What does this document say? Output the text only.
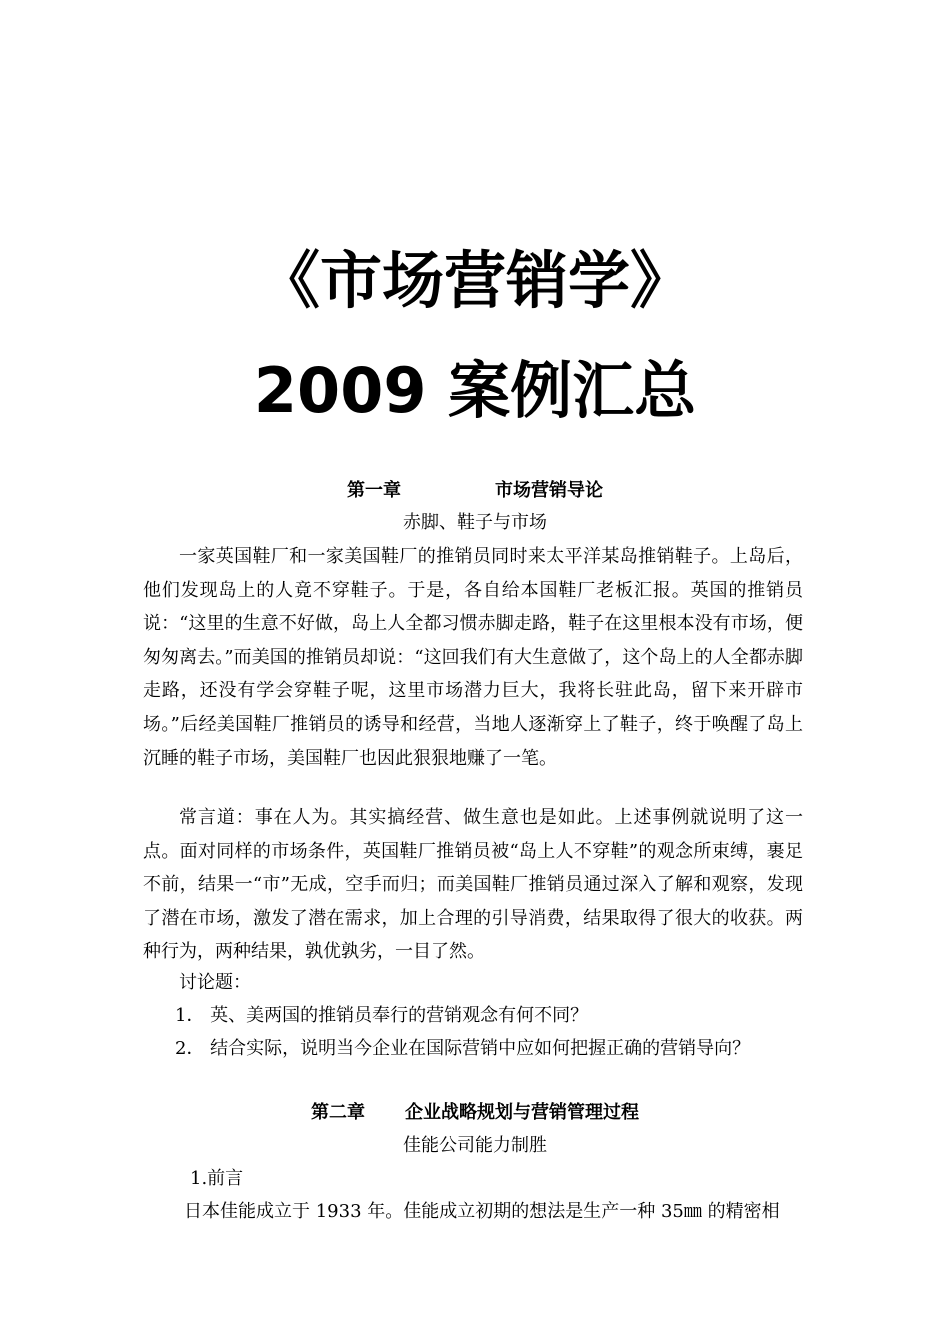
《市场营销学》
2009 案例汇总
第一章	市场营销导论
赤脚、鞋子与市场

一家英国鞋厂和一家美国鞋厂的推销员同时来太平洋某岛推销鞋子。上岛后，他们发现岛上的人竟不穿鞋子。于是，各自给本国鞋厂老板汇报。英国的推销员说：“这里的生意不好做，岛上人全都习惯赤脚走路，鞋子在这里根本没有市场，便匆匆离去。”而美国的推销员却说：“这回我们有大生意做了，这个岛上的人全都赤脚走路，还没有学会穿鞋子呢，这里市场潜力巨大，我将长驻此岛，留下来开辟市场。”后经美国鞋厂推销员的诱导和经营，当地人逐渐穿上了鞋子，终于唤醒了岛上沉睡的鞋子市场，美国鞋厂也因此狠狠地赚了一笔。

常言道：事在人为。其实搞经营、做生意也是如此。上述事例就说明了这一点。面对同样的市场条件，英国鞋厂推销员被“岛上人不穿鞋”的观念所束缚，裹足不前，结果一“市”无成，空手而归；而美国鞋厂推销员通过深入了解和观察，发现了潜在市场，激发了潜在需求，加上合理的引导消费，结果取得了很大的收获。两种行为，两种结果，孰优孰劣，一目了然。

讨论题：
1． 英、美两国的推销员奉行的营销观念有何不同？
2． 结合实际，说明当今企业在国际营销中应如何把握正确的营销导向？
第二章 企业战略规划与营销管理过程
佳能公司能力制胜
1.前言
日本佳能成立于 1933 年。佳能成立初期的想法是生产一种 35㎜ 的精密相
